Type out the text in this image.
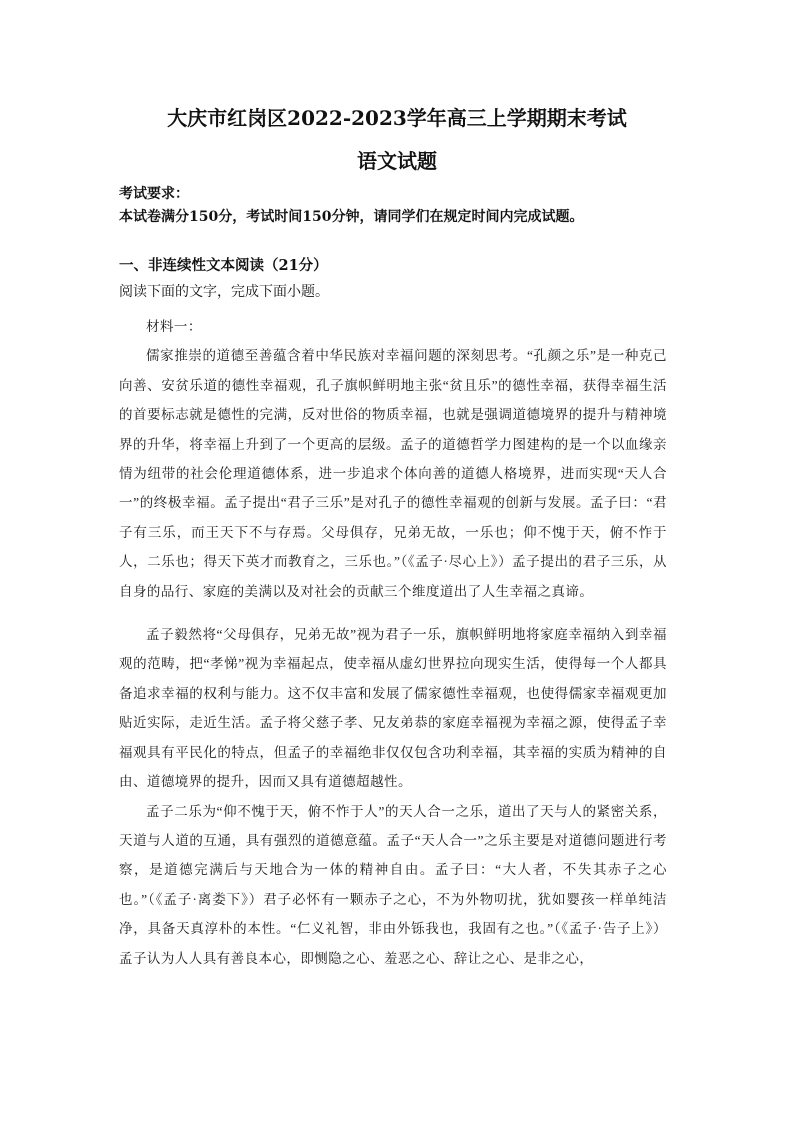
大庆市红岗区2022-2023学年高三上学期期末考试
语文试题
考试要求：
本试卷满分150分，考试时间150分钟，请同学们在规定时间内完成试题。
一、非连续性文本阅读（21分）
阅读下面的文字，完成下面小题。

材料一：

儒家推崇的道德至善蕴含着中华民族对幸福问题的深刻思考。“孔颜之乐”是一种克己向善、安贫乐道的德性幸福观，孔子旗帜鲜明地主张“贫且乐”的德性幸福，获得幸福生活的首要标志就是德性的完满，反对世俗的物质幸福，也就是强调道德境界的提升与精神境界的升华，将幸福上升到了一个更高的层级。孟子的道德哲学力图建构的是一个以血缘亲情为纽带的社会伦理道德体系，进一步追求个体向善的道德人格境界，进而实现“天人合一”的终极幸福。孟子提出“君子三乐”是对孔子的德性幸福观的创新与发展。孟子曰：“君子有三乐，而王天下不与存焉。父母俱存，兄弟无故，一乐也；仰不愧于天，俯不怍于人，二乐也；得天下英才而教育之，三乐也。”（《孟子·尽心上》）孟子提出的君子三乐，从自身的品行、家庭的美满以及对社会的贡献三个维度道出了人生幸福之真谛。

孟子毅然将“父母俱存，兄弟无故”视为君子一乐，旗帜鲜明地将家庭幸福纳入到幸福观的范畴，把“孝悌”视为幸福起点，使幸福从虚幻世界拉向现实生活，使得每一个人都具备追求幸福的权利与能力。这不仅丰富和发展了儒家德性幸福观，也使得儒家幸福观更加贴近实际，走近生活。孟子将父慈子孝、兄友弟恭的家庭幸福视为幸福之源，使得孟子幸福观具有平民化的特点，但孟子的幸福绝非仅仅包含功利幸福，其幸福的实质为精神的自由、道德境界的提升，因而又具有道德超越性。

孟子二乐为“仰不愧于天，俯不怍于人”的天人合一之乐，道出了天与人的紧密关系，天道与人道的互通，具有强烈的道德意蕴。孟子“天人合一”之乐主要是对道德问题进行考察，是道德完满后与天地合为一体的精神自由。孟子曰：“大人者，不失其赤子之心也。”（《孟子·离娄下》）君子必怀有一颗赤子之心，不为外物叨扰，犹如婴孩一样单纯洁净，具备天真淳朴的本性。“仁义礼智，非由外铄我也，我固有之也。”（《孟子·告子上》）孟子认为人人具有善良本心，即恻隐之心、羞恶之心、辞让之心、是非之心，
